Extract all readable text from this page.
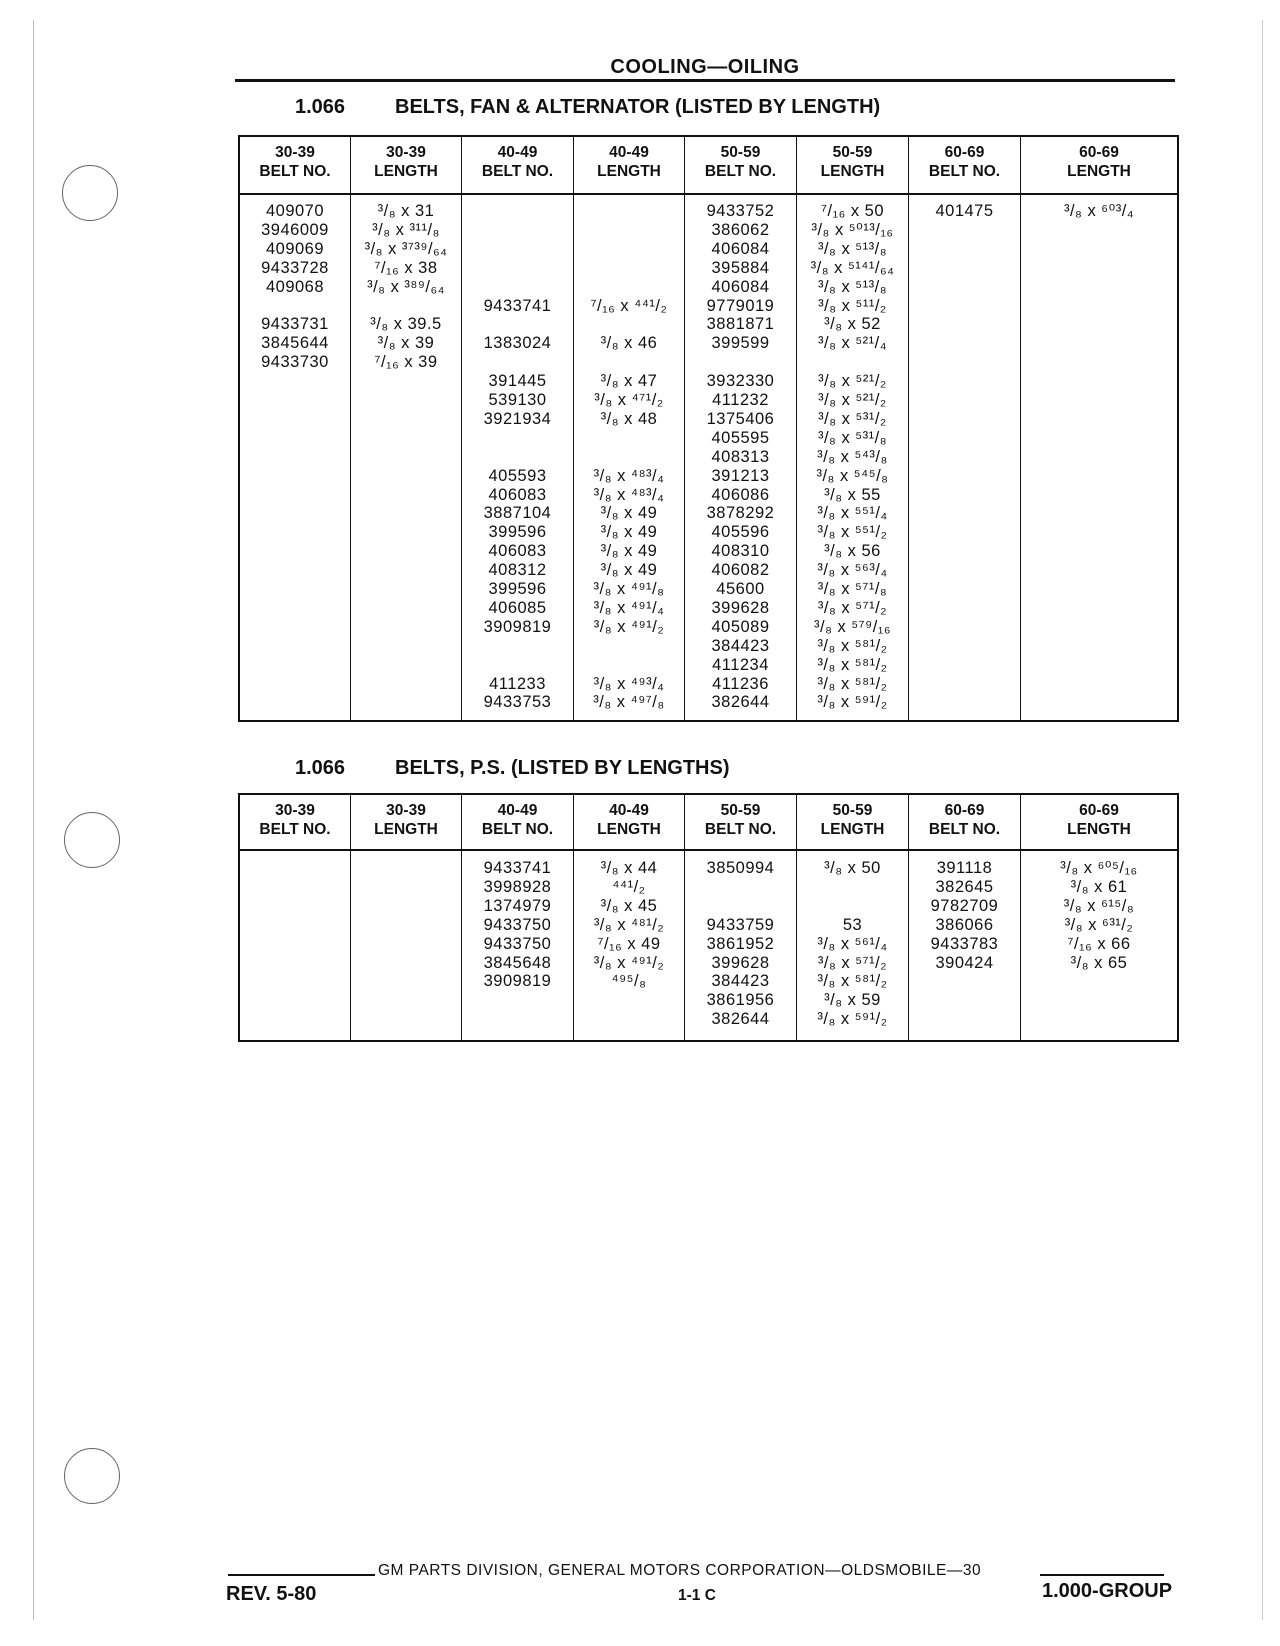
COOLING—OILING
1.066 BELTS, FAN & ALTERNATOR (LISTED BY LENGTH)
30-39
BELT NO.
409070
3946009
409069
9433728
409068
9433731
3845644
9433730
30-39
LENGTH
³/₈ x 31
³/₈ x ³¹¹/₈
³/₈ x ³⁷³⁹/₆₄
⁷/₁₆ x 38
³/₈ x ³⁸⁹/₆₄
³/₈ x 39.5
³/₈ x 39
⁷/₁₆ x 39
40-49
BELT NO.
9433741
1383024
391445
539130
3921934
405593
406083
3887104
399596
406083
408312
399596
406085
3909819
411233
9433753
40-49
LENGTH
⁷/₁₆ x ⁴⁴¹/₂
³/₈ x 46
³/₈ x 47
³/₈ x ⁴⁷¹/₂
³/₈ x 48
³/₈ x ⁴⁸³/₄
³/₈ x ⁴⁸³/₄
³/₈ x 49
³/₈ x 49
³/₈ x 49
³/₈ x 49
³/₈ x ⁴⁹¹/₈
³/₈ x ⁴⁹¹/₄
³/₈ x ⁴⁹¹/₂
³/₈ x ⁴⁹³/₄
³/₈ x ⁴⁹⁷/₈
50-59
BELT NO.
9433752
386062
406084
395884
406084
9779019
3881871
399599
3932330
411232
1375406
405595
408313
391213
406086
3878292
405596
408310
406082
45600
399628
405089
384423
411234
411236
382644
50-59
LENGTH
⁷/₁₆ x 50
³/₈ x ⁵⁰¹³/₁₆
³/₈ x ⁵¹³/₈
³/₈ x ⁵¹⁴¹/₆₄
³/₈ x ⁵¹³/₈
³/₈ x ⁵¹¹/₂
³/₈ x 52
³/₈ x ⁵²¹/₄
³/₈ x ⁵²¹/₂
³/₈ x ⁵²¹/₂
³/₈ x ⁵³¹/₂
³/₈ x ⁵³¹/₈
³/₈ x ⁵⁴³/₈
³/₈ x ⁵⁴⁵/₈
³/₈ x 55
³/₈ x ⁵⁵¹/₄
³/₈ x ⁵⁵¹/₂
³/₈ x 56
³/₈ x ⁵⁶³/₄
³/₈ x ⁵⁷¹/₈
³/₈ x ⁵⁷¹/₂
³/₈ x ⁵⁷⁹/₁₆
³/₈ x ⁵⁸¹/₂
³/₈ x ⁵⁸¹/₂
³/₈ x ⁵⁸¹/₂
³/₈ x ⁵⁹¹/₂
60-69
BELT NO.
401475
60-69
LENGTH
³/₈ x ⁶⁰³/₄
1.066 BELTS, P.S. (LISTED BY LENGTHS)
30-39
BELT NO.
30-39
LENGTH
40-49
BELT NO.
9433741
3998928
1374979
9433750
9433750
3845648
3909819
40-49
LENGTH
³/₈ x 44
⁴⁴¹/₂
³/₈ x 45
³/₈ x ⁴⁸¹/₂
⁷/₁₆ x 49
³/₈ x ⁴⁹¹/₂
⁴⁹⁵/₈
50-59
BELT NO.
3850994
9433759
3861952
399628
384423
3861956
382644
50-59
LENGTH
³/₈ x 50
53
³/₈ x ⁵⁶¹/₄
³/₈ x ⁵⁷¹/₂
³/₈ x ⁵⁸¹/₂
³/₈ x 59
³/₈ x ⁵⁹¹/₂
60-69
BELT NO.
391118
382645
9782709
386066
9433783
390424
60-69
LENGTH
³/₈ x ⁶⁰⁵/₁₆
³/₈ x 61
³/₈ x ⁶¹⁵/₈
³/₈ x ⁶³¹/₂
⁷/₁₆ x 66
³/₈ x 65
GM PARTS DIVISION, GENERAL MOTORS CORPORATION—OLDSMOBILE—30
REV. 5-80	1-1 C	1.000-GROUP
